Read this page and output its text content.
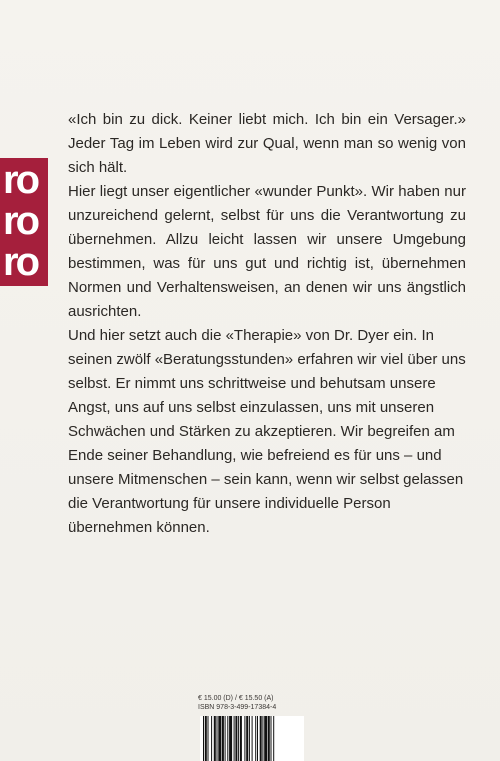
ro
ro
ro

«Ich bin zu dick. Keiner liebt mich. Ich bin ein Versager.» Jeder Tag im Leben wird zur Qual, wenn man so wenig von sich hält.

Hier liegt unser eigentlicher «wunder Punkt». Wir haben nur unzureichend gelernt, selbst für uns die Verantwortung zu übernehmen. Allzu leicht lassen wir unsere Umgebung bestimmen, was für uns gut und richtig ist, übernehmen Normen und Verhaltensweisen, an denen wir uns ängstlich ausrichten.

Und hier setzt auch die «Therapie» von Dr. Dyer ein. In seinen zwölf «Beratungsstunden» erfahren wir viel über uns selbst. Er nimmt uns schrittweise und behutsam unsere Angst, uns auf uns selbst einzulassen, uns mit unseren Schwächen und Stärken zu akzeptieren. Wir begreifen am Ende seiner Behandlung, wie befreiend es für uns – und unsere Mitmenschen – sein kann, wenn wir selbst gelassen die Verantwortung für unsere individuelle Person übernehmen können.

€ 15.00 (D) / € 15.50 (A)
ISBN 978-3-499-17384-4
